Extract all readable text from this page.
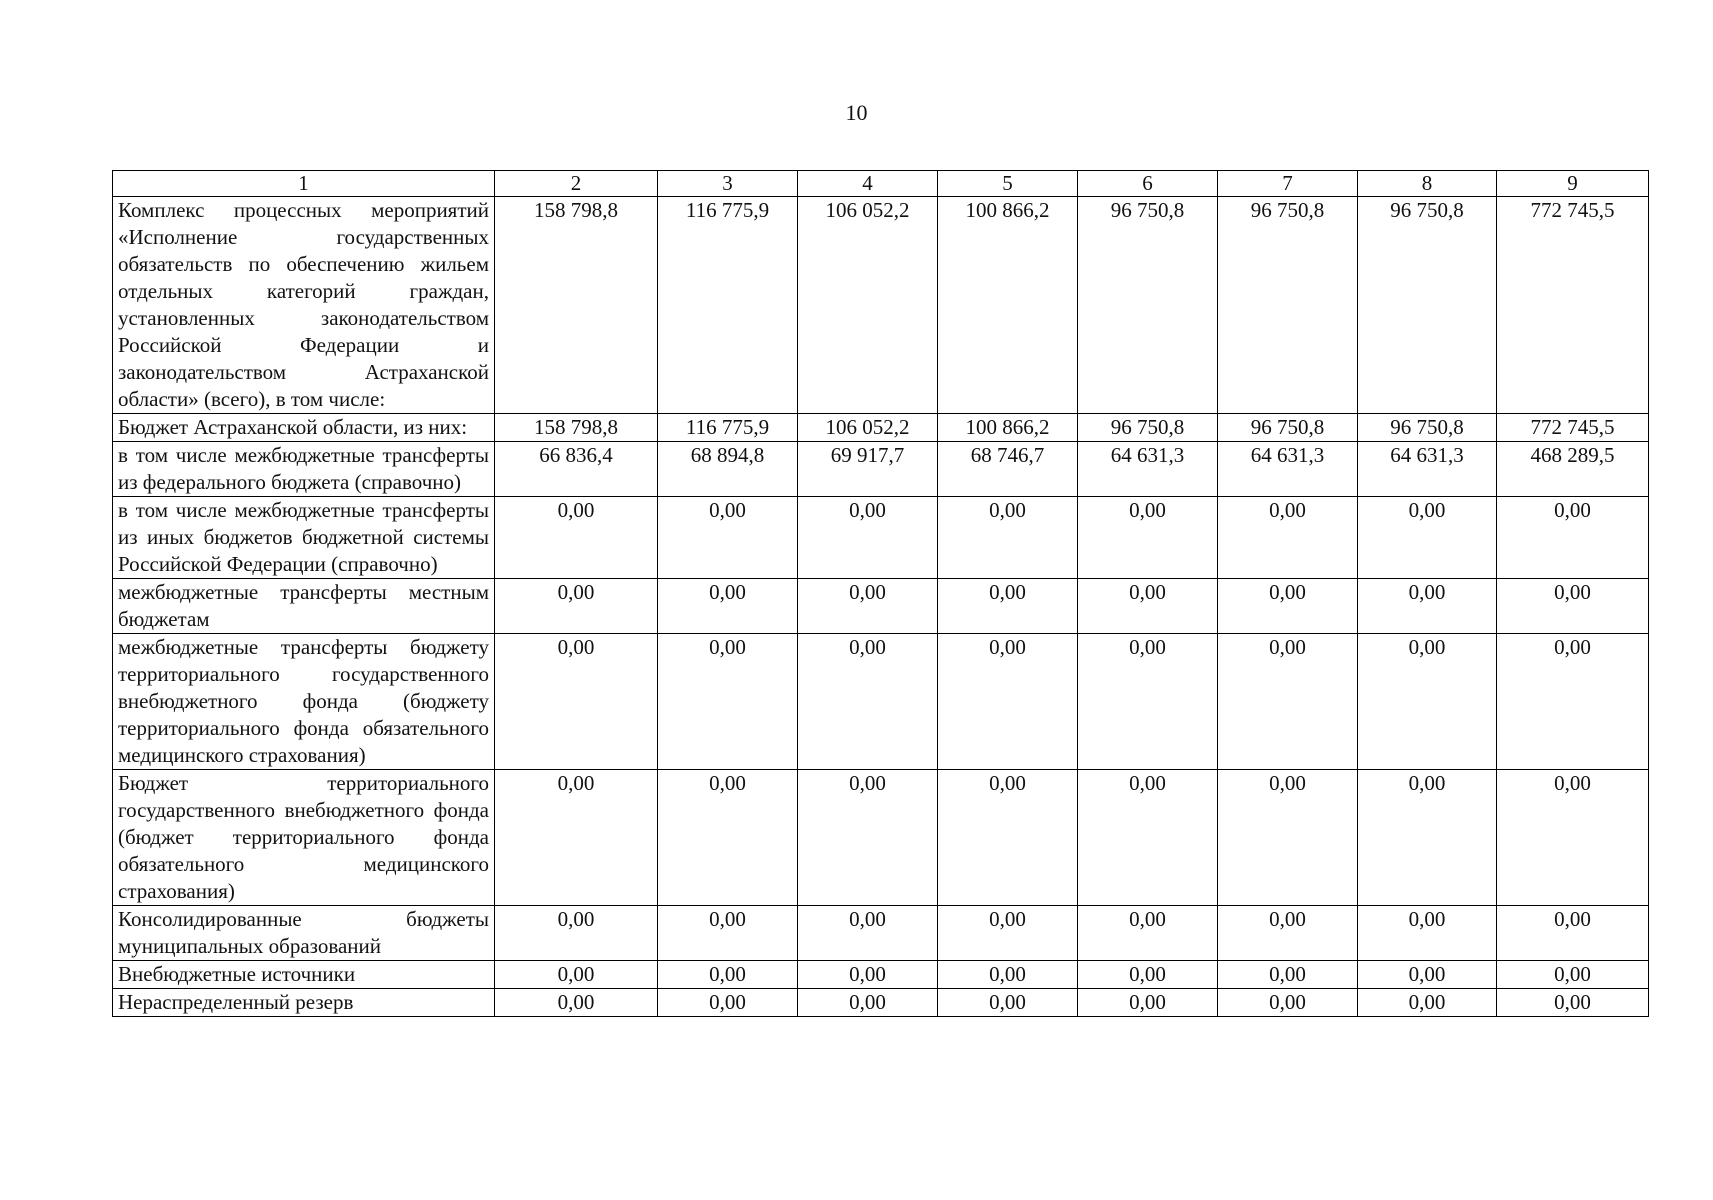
10
1	2	3	4	5	6	7	8	9
Комплекс процессных мероприятий «Исполнение государственных обязательств по обеспечению жильем отдельных категорий граждан, установленных законодательством Российской Федерации и законодательством Астраханской области» (всего), в том числе:	158 798,8	116 775,9	106 052,2	100 866,2	96 750,8	96 750,8	96 750,8	772 745,5
Бюджет Астраханской области, из них:	158 798,8	116 775,9	106 052,2	100 866,2	96 750,8	96 750,8	96 750,8	772 745,5
в том числе межбюджетные трансферты из федерального бюджета (справочно)	66 836,4	68 894,8	69 917,7	68 746,7	64 631,3	64 631,3	64 631,3	468 289,5
в том числе межбюджетные трансферты из иных бюджетов бюджетной системы Российской Федерации (справочно)	0,00	0,00	0,00	0,00	0,00	0,00	0,00	0,00
межбюджетные трансферты местным бюджетам	0,00	0,00	0,00	0,00	0,00	0,00	0,00	0,00
межбюджетные трансферты бюджету территориального государственного внебюджетного фонда (бюджету территориального фонда обязательного медицинского страхования)	0,00	0,00	0,00	0,00	0,00	0,00	0,00	0,00
Бюджет территориального государственного внебюджетного фонда (бюджет территориального фонда обязательного медицинского страхования)	0,00	0,00	0,00	0,00	0,00	0,00	0,00	0,00
Консолидированные бюджеты муниципальных образований	0,00	0,00	0,00	0,00	0,00	0,00	0,00	0,00
Внебюджетные источники	0,00	0,00	0,00	0,00	0,00	0,00	0,00	0,00
Нераспределенный резерв	0,00	0,00	0,00	0,00	0,00	0,00	0,00	0,00
